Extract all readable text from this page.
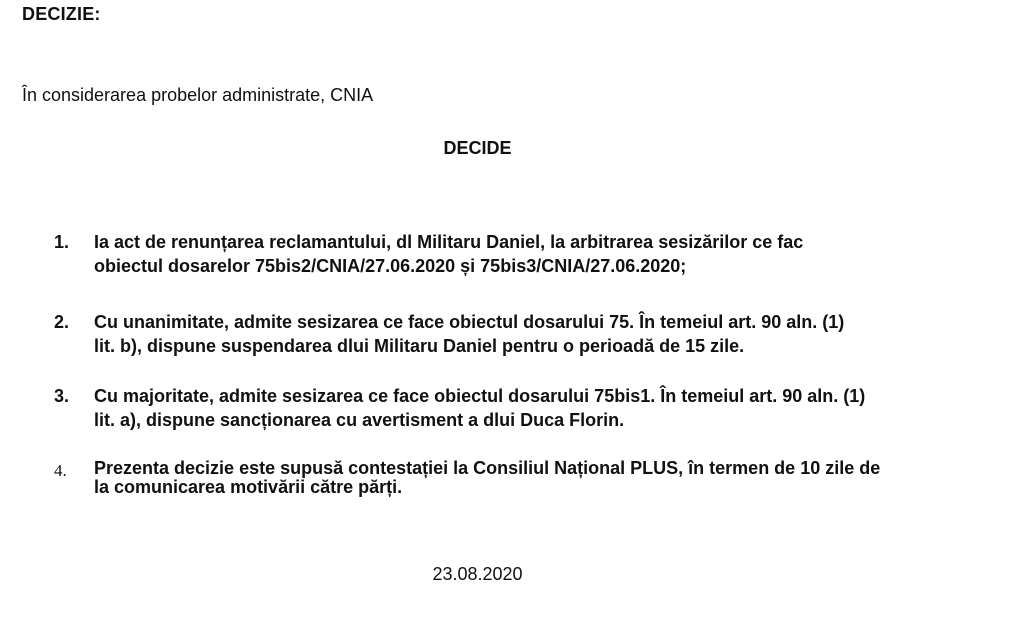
DECIZIE:
În considerarea probelor administrate, CNIA
DECIDE
1.	Ia act de renunțarea reclamantului, dl Militaru Daniel, la arbitrarea sesizărilor ce fac
obiectul dosarelor 75bis2/CNIA/27.06.2020 și 75bis3/CNIA/27.06.2020;
2.	Cu unanimitate, admite sesizarea ce face obiectul dosarului 75. În temeiul art. 90 aln. (1)
lit. b), dispune suspendarea dlui Militaru Daniel pentru o perioadă de 15 zile.
3.	Cu majoritate, admite sesizarea ce face obiectul dosarului 75bis1. În temeiul art. 90 aln. (1)
lit. a), dispune sancționarea cu avertisment a dlui Duca Florin.
4.	Prezenta decizie este supusă contestației la Consiliul Național PLUS, în termen de 10 zile de
la comunicarea motivării către părți.
23.08.2020
